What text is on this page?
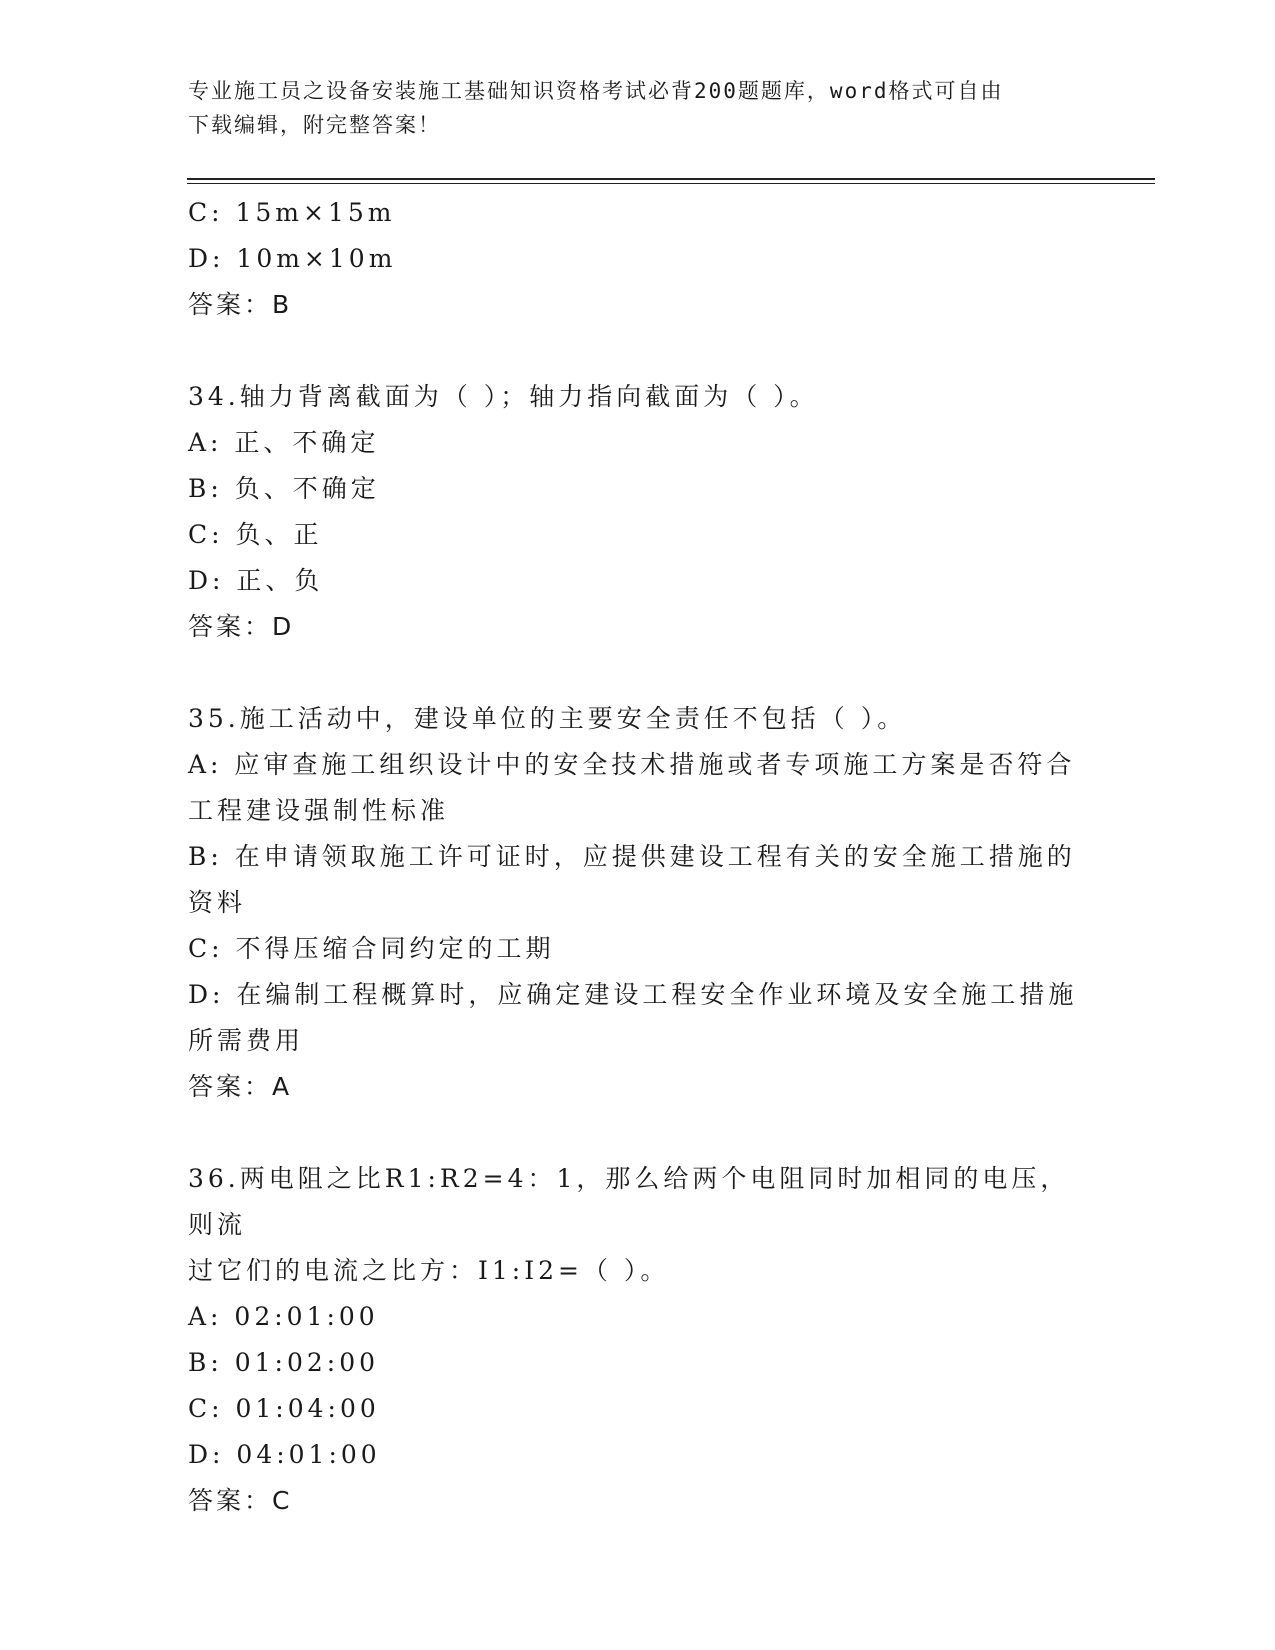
专业施工员之设备安装施工基础知识资格考试必背200题题库，word格式可自由
下载编辑，附完整答案！
C: 15m×15m
D: 10m×10m
答案：B
34.轴力背离截面为（ ）；轴力指向截面为（ ）。
A: 正、不确定
B: 负、不确定
C: 负、正
D: 正、负
答案：D
35.施工活动中，建设单位的主要安全责任不包括（ ）。
A: 应审查施工组织设计中的安全技术措施或者专项施工方案是否符合
工程建设强制性标准
B: 在申请领取施工许可证时，应提供建设工程有关的安全施工措施的
资料
C: 不得压缩合同约定的工期
D: 在编制工程概算时，应确定建设工程安全作业环境及安全施工措施
所需费用
答案：A
36.两电阻之比R1:R2=4：1，那么给两个电阻同时加相同的电压，则流
过它们的电流之比方：I1:I2=（ ）。
A: 02:01:00
B: 01:02:00
C: 01:04:00
D: 04:01:00
答案：C
